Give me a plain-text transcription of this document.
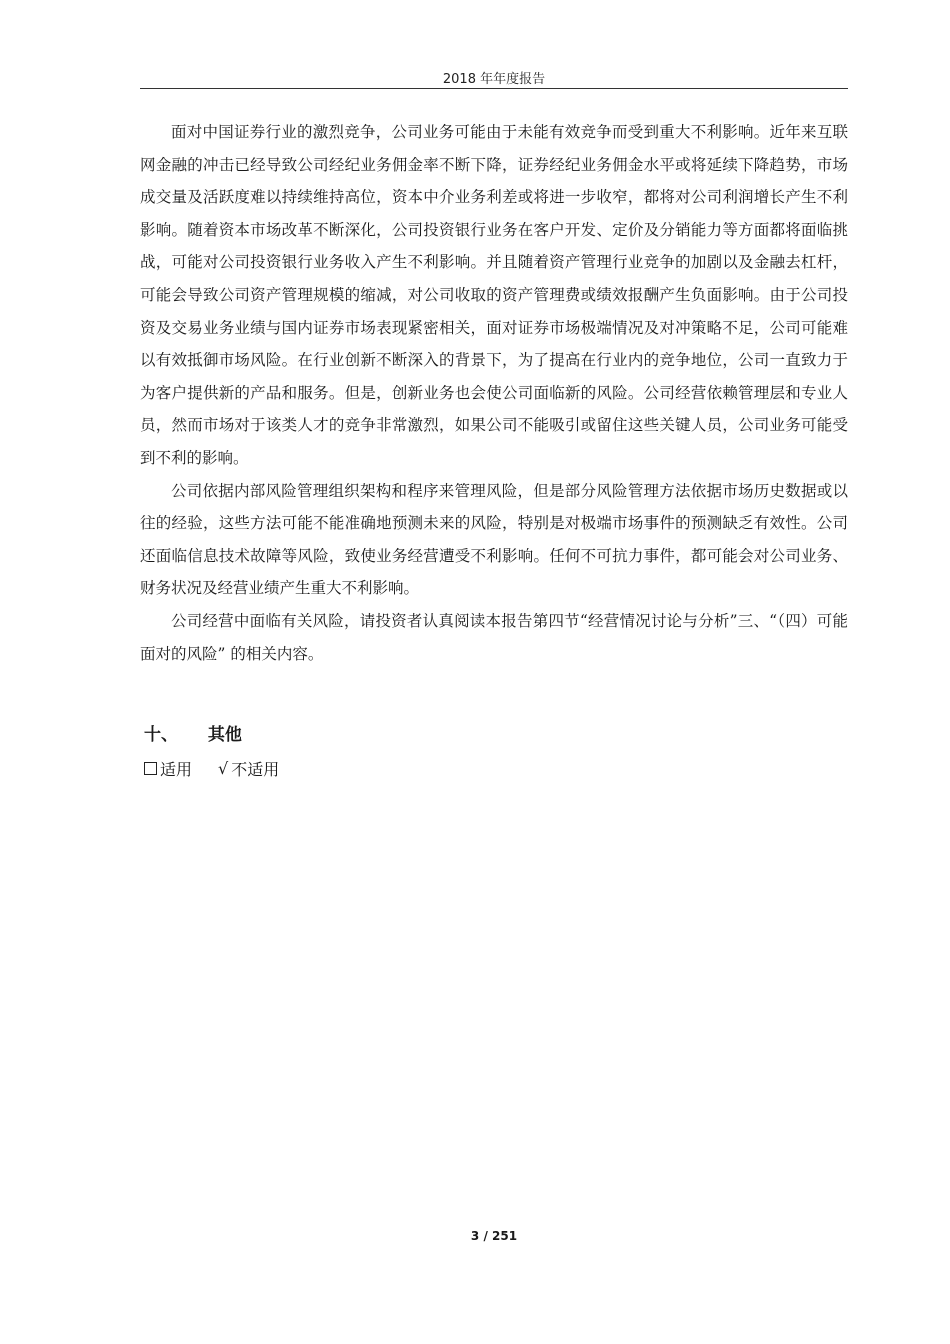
2018 年年度报告

面对中国证券行业的激烈竞争，公司业务可能由于未能有效竞争而受到重大不利影响。近年来互联网金融的冲击已经导致公司经纪业务佣金率不断下降，证券经纪业务佣金水平或将延续下降趋势，市场成交量及活跃度难以持续维持高位，资本中介业务利差或将进一步收窄，都将对公司利润增长产生不利影响。随着资本市场改革不断深化，公司投资银行业务在客户开发、定价及分销能力等方面都将面临挑战，可能对公司投资银行业务收入产生不利影响。并且随着资产管理行业竞争的加剧以及金融去杠杆，可能会导致公司资产管理规模的缩减，对公司收取的资产管理费或绩效报酬产生负面影响。由于公司投资及交易业务业绩与国内证券市场表现紧密相关，面对证券市场极端情况及对冲策略不足，公司可能难以有效抵御市场风险。在行业创新不断深入的背景下，为了提高在行业内的竞争地位，公司一直致力于为客户提供新的产品和服务。但是，创新业务也会使公司面临新的风险。公司经营依赖管理层和专业人员，然而市场对于该类人才的竞争非常激烈，如果公司不能吸引或留住这些关键人员，公司业务可能受到不利的影响。

公司依据内部风险管理组织架构和程序来管理风险，但是部分风险管理方法依据市场历史数据或以往的经验，这些方法可能不能准确地预测未来的风险，特别是对极端市场事件的预测缺乏有效性。公司还面临信息技术故障等风险，致使业务经营遭受不利影响。任何不可抗力事件，都可能会对公司业务、财务状况及经营业绩产生重大不利影响。

公司经营中面临有关风险，请投资者认真阅读本报告第四节“经营情况讨论与分析”三、“（四）可能面对的风险” 的相关内容。

十、 其他
适用 √ 不适用
3 / 251
